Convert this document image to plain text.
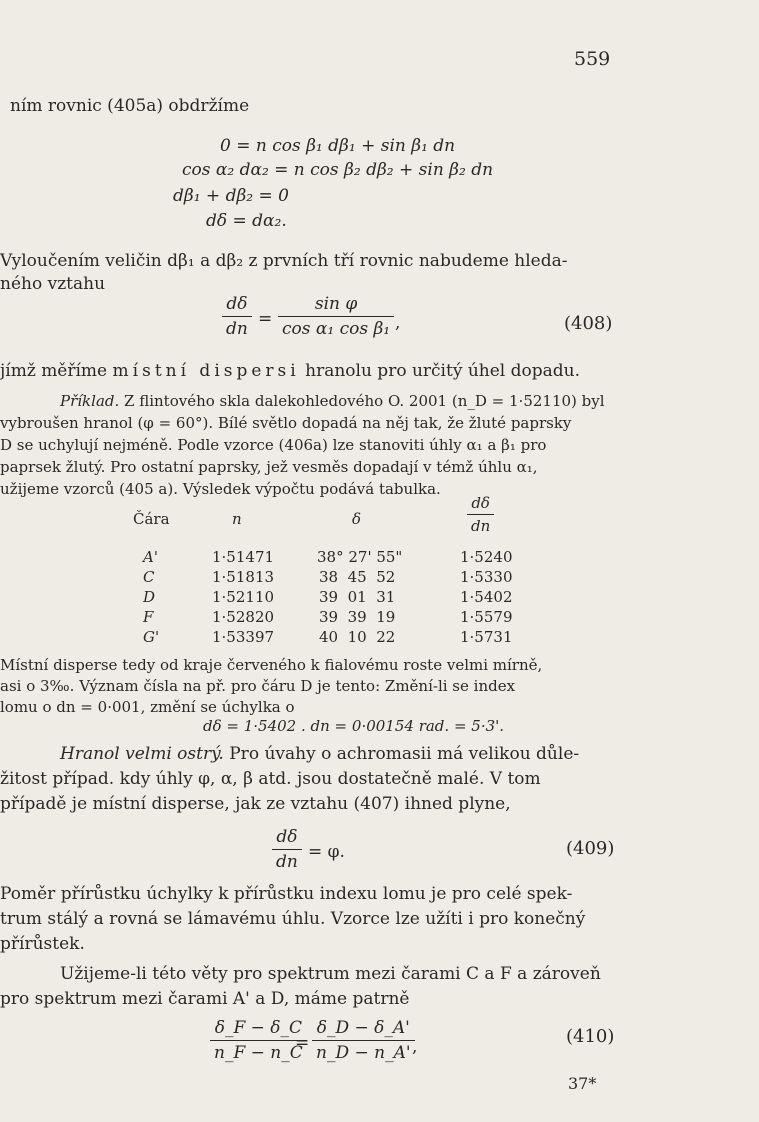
559
ním rovnic (405a) obdržíme
0 = n cos β₁ dβ₁ + sin β₁ dn
cos α₂ dα₂ = n cos β₂ dβ₂ + sin β₂ dn
dβ₁ + dβ₂ = 0
dδ = dα₂.
Vyloučením veličin dβ₁ a dβ₂ z prvních tří rovnic nabudeme hleda-
ného vztahu
$\frac{d\delta}{dn} = \frac{\text{sin φ}}{\text{cos α₁ cos β₁}}$ ,	(408)
jímž měříme místní dispersi hranolu pro určitý úhel dopadu.
Příklad. Z flintového skla dalekohledového O. 2001 (n_D = 1·52110) byl
vybroušen hranol (φ = 60°). Bílé světlo dopadá na něj tak, že žluté paprsky
D se uchylují nejméně. Podle vzorce (406a) lze stanoviti úhly α₁ a β₁ pro
paprsek žlutý. Pro ostatní paprsky, jež vesměs dopadají v témž úhlu α₁,
užijeme vzorců (405 a). Výsledek výpočtu podává tabulka.
Čára	n	δ	$\frac{d\delta}{dn}$
A'	1·51471	38° 27' 55"	1·5240
C	1·51813	38  45  52	1·5330
D	1·52110	39  01  31	1·5402
F	1·52820	39  39  19	1·5579
G'	1·53397	40  10  22	1·5731
Místní disperse tedy od kraje červeného k fialovému roste velmi mírně,
asi o 3‰. Význam čísla na př. pro čáru D je tento: Změní-li se index
lomu o dn = 0·001, změní se úchylka o
dδ = 1·5402 . dn = 0·00154 rad. = 5·3'.
Hranol velmi ostrý. Pro úvahy o achromasii má velikou důle-
žitost případ. kdy úhly φ, α, β atd. jsou dostatečně malé. V tom
případě je místní disperse, jak ze vztahu (407) ihned plyne,
$\frac{d\delta}{dn} = \varphi$.	(409)
Poměr přírůstku úchylky k přírůstku indexu lomu je pro celé spek-
trum stálý a rovná se lámavému úhlu. Vzorce lze užíti i pro konečný
přírůstek.
Užijeme-li této věty pro spektrum mezi čarami C a F a zároveň
pro spektrum mezi čarami A' a D, máme patrně
$\frac{\delta\_F - \delta\_C}{n\_F - n\_C}$
= $\frac{\delta\_D - \delta\_A'}{n\_D - n\_A'}$
,	(410)
37*
